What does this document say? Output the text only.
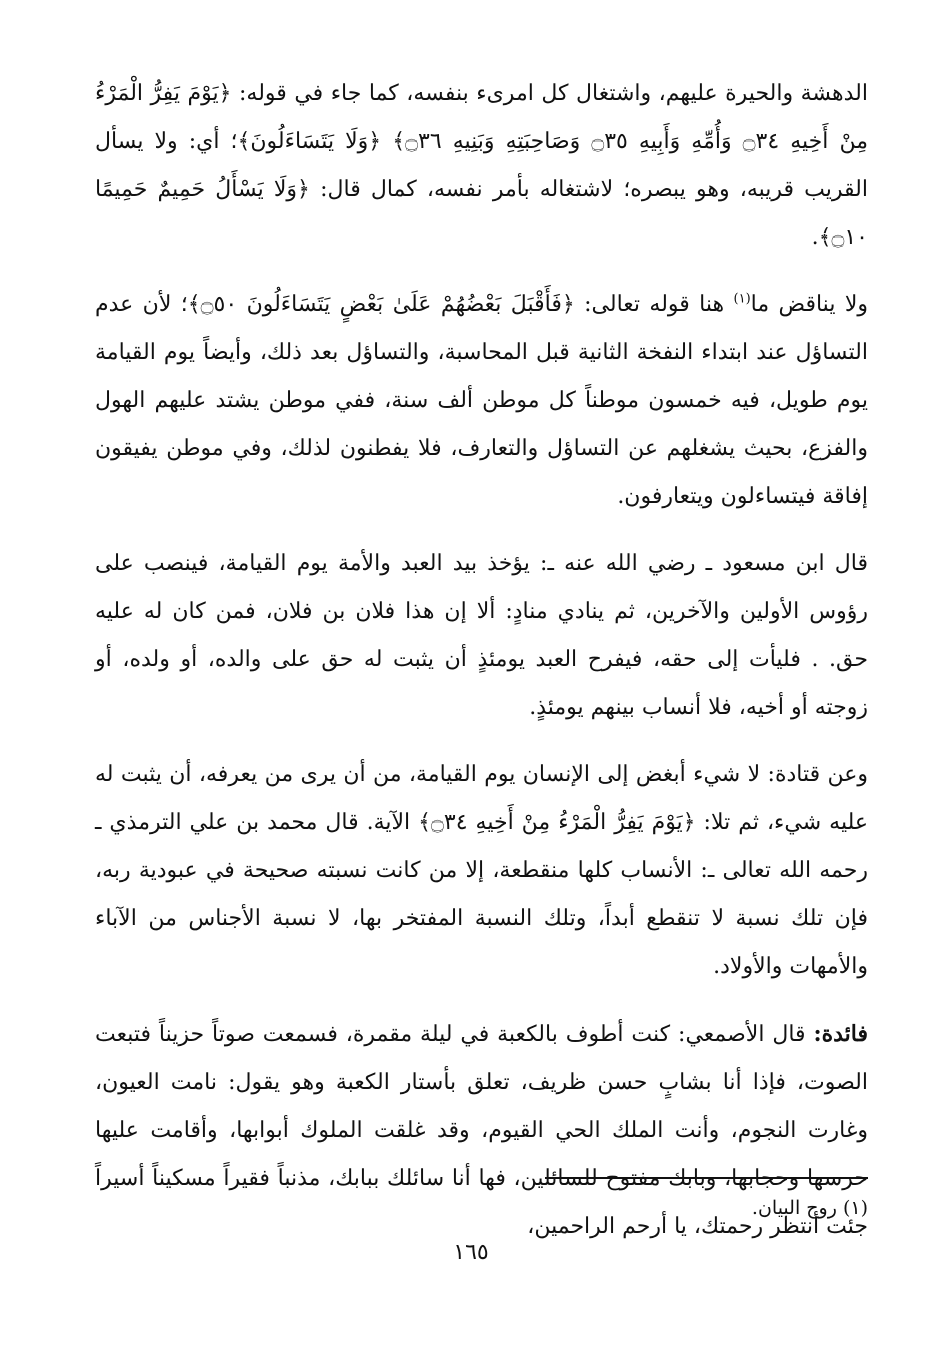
الدهشة والحيرة عليهم، واشتغال كل امرىء بنفسه، كما جاء في قوله: ﴿يَوْمَ يَفِرُّ الْمَرْءُ مِنْ أَخِيهِ ۝٣٤ وَأُمِّهِ وَأَبِيهِ ۝٣٥ وَصَاحِبَتِهِ وَبَنِيهِ ۝٣٦﴾ ﴿وَلَا يَتَسَاءَلُونَ﴾؛ أي: ولا يسأل القريب قريبه، وهو يبصره؛ لاشتغاله بأمر نفسه، كمال قال: ﴿وَلَا يَسْأَلُ حَمِيمٌ حَمِيمًا ۝١٠﴾.

ولا يناقض ما$^{(١)}$ هنا قوله تعالى: ﴿فَأَقْبَلَ بَعْضُهُمْ عَلَىٰ بَعْضٍ يَتَسَاءَلُونَ ۝٥٠﴾؛ لأن عدم التساؤل عند ابتداء النفخة الثانية قبل المحاسبة، والتساؤل بعد ذلك، وأيضاً يوم القيامة يوم طويل، فيه خمسون موطناً كل موطن ألف سنة، ففي موطن يشتد عليهم الهول والفزع، بحيث يشغلهم عن التساؤل والتعارف، فلا يفطنون لذلك، وفي موطن يفيقون إفاقة فيتساءلون ويتعارفون.

قال ابن مسعود ـ رضي الله عنه ـ: يؤخذ بيد العبد والأمة يوم القيامة، فينصب على رؤوس الأولين والآخرين، ثم ينادي منادٍ: ألا إن هذا فلان بن فلان، فمن كان له عليه حق. . فليأت إلى حقه، فيفرح العبد يومئذٍ أن يثبت له حق على والده، أو ولده، أو زوجته أو أخيه، فلا أنساب بينهم يومئذٍ.

وعن قتادة: لا شيء أبغض إلى الإنسان يوم القيامة، من أن يرى من يعرفه، أن يثبت له عليه شيء، ثم تلا: ﴿يَوْمَ يَفِرُّ الْمَرْءُ مِنْ أَخِيهِ ۝٣٤﴾ الآية. قال محمد بن علي الترمذي ـ رحمه الله تعالى ـ: الأنساب كلها منقطعة، إلا من كانت نسبته صحيحة في عبودية ربه، فإن تلك نسبة لا تنقطع أبداً، وتلك النسبة المفتخر بها، لا نسبة الأجناس من الآباء والأمهات والأولاد.

فائدة: قال الأصمعي: كنت أطوف بالكعبة في ليلة مقمرة، فسمعت صوتاً حزيناً فتبعت الصوت، فإذا أنا بشابٍ حسن ظريف، تعلق بأستار الكعبة وهو يقول: نامت العيون، وغارت النجوم، وأنت الملك الحي القيوم، وقد غلقت الملوك أبوابها، وأقامت عليها حرسها وحجابها، وبابك مفتوح للسائلين، فها أنا سائلك ببابك، مذنباً فقيراً مسكيناً أسيراً جئت أنتظر رحمتك، يا أرحم الراحمين،

(١) روح البيان.
١٦٥
